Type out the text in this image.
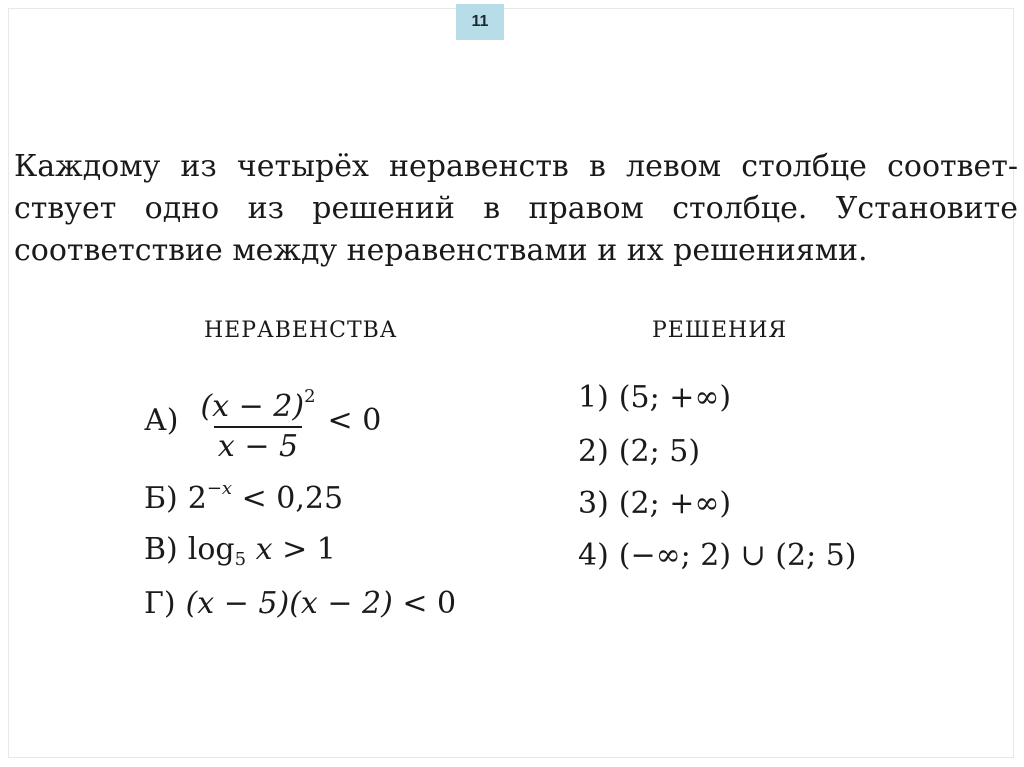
11

Каждому из четырёх неравенств в левом столбце соответ-ствует одно из решений в правом столбце. Установите соответствие между неравенствами и их решениями.

НЕРАВЕНСТВА	РЕШЕНИЯ
$А) \frac{(x - 2)^2}{x - 5} < 0$
Б) $2^{-x} < 0,25$
В) $\log_5 x > 1$
Г) (x − 5)(x − 2) < 0
1) (5; +∞)
2) (2; 5)
3) (2; +∞)
4) (−∞; 2) ∪ (2; 5)
